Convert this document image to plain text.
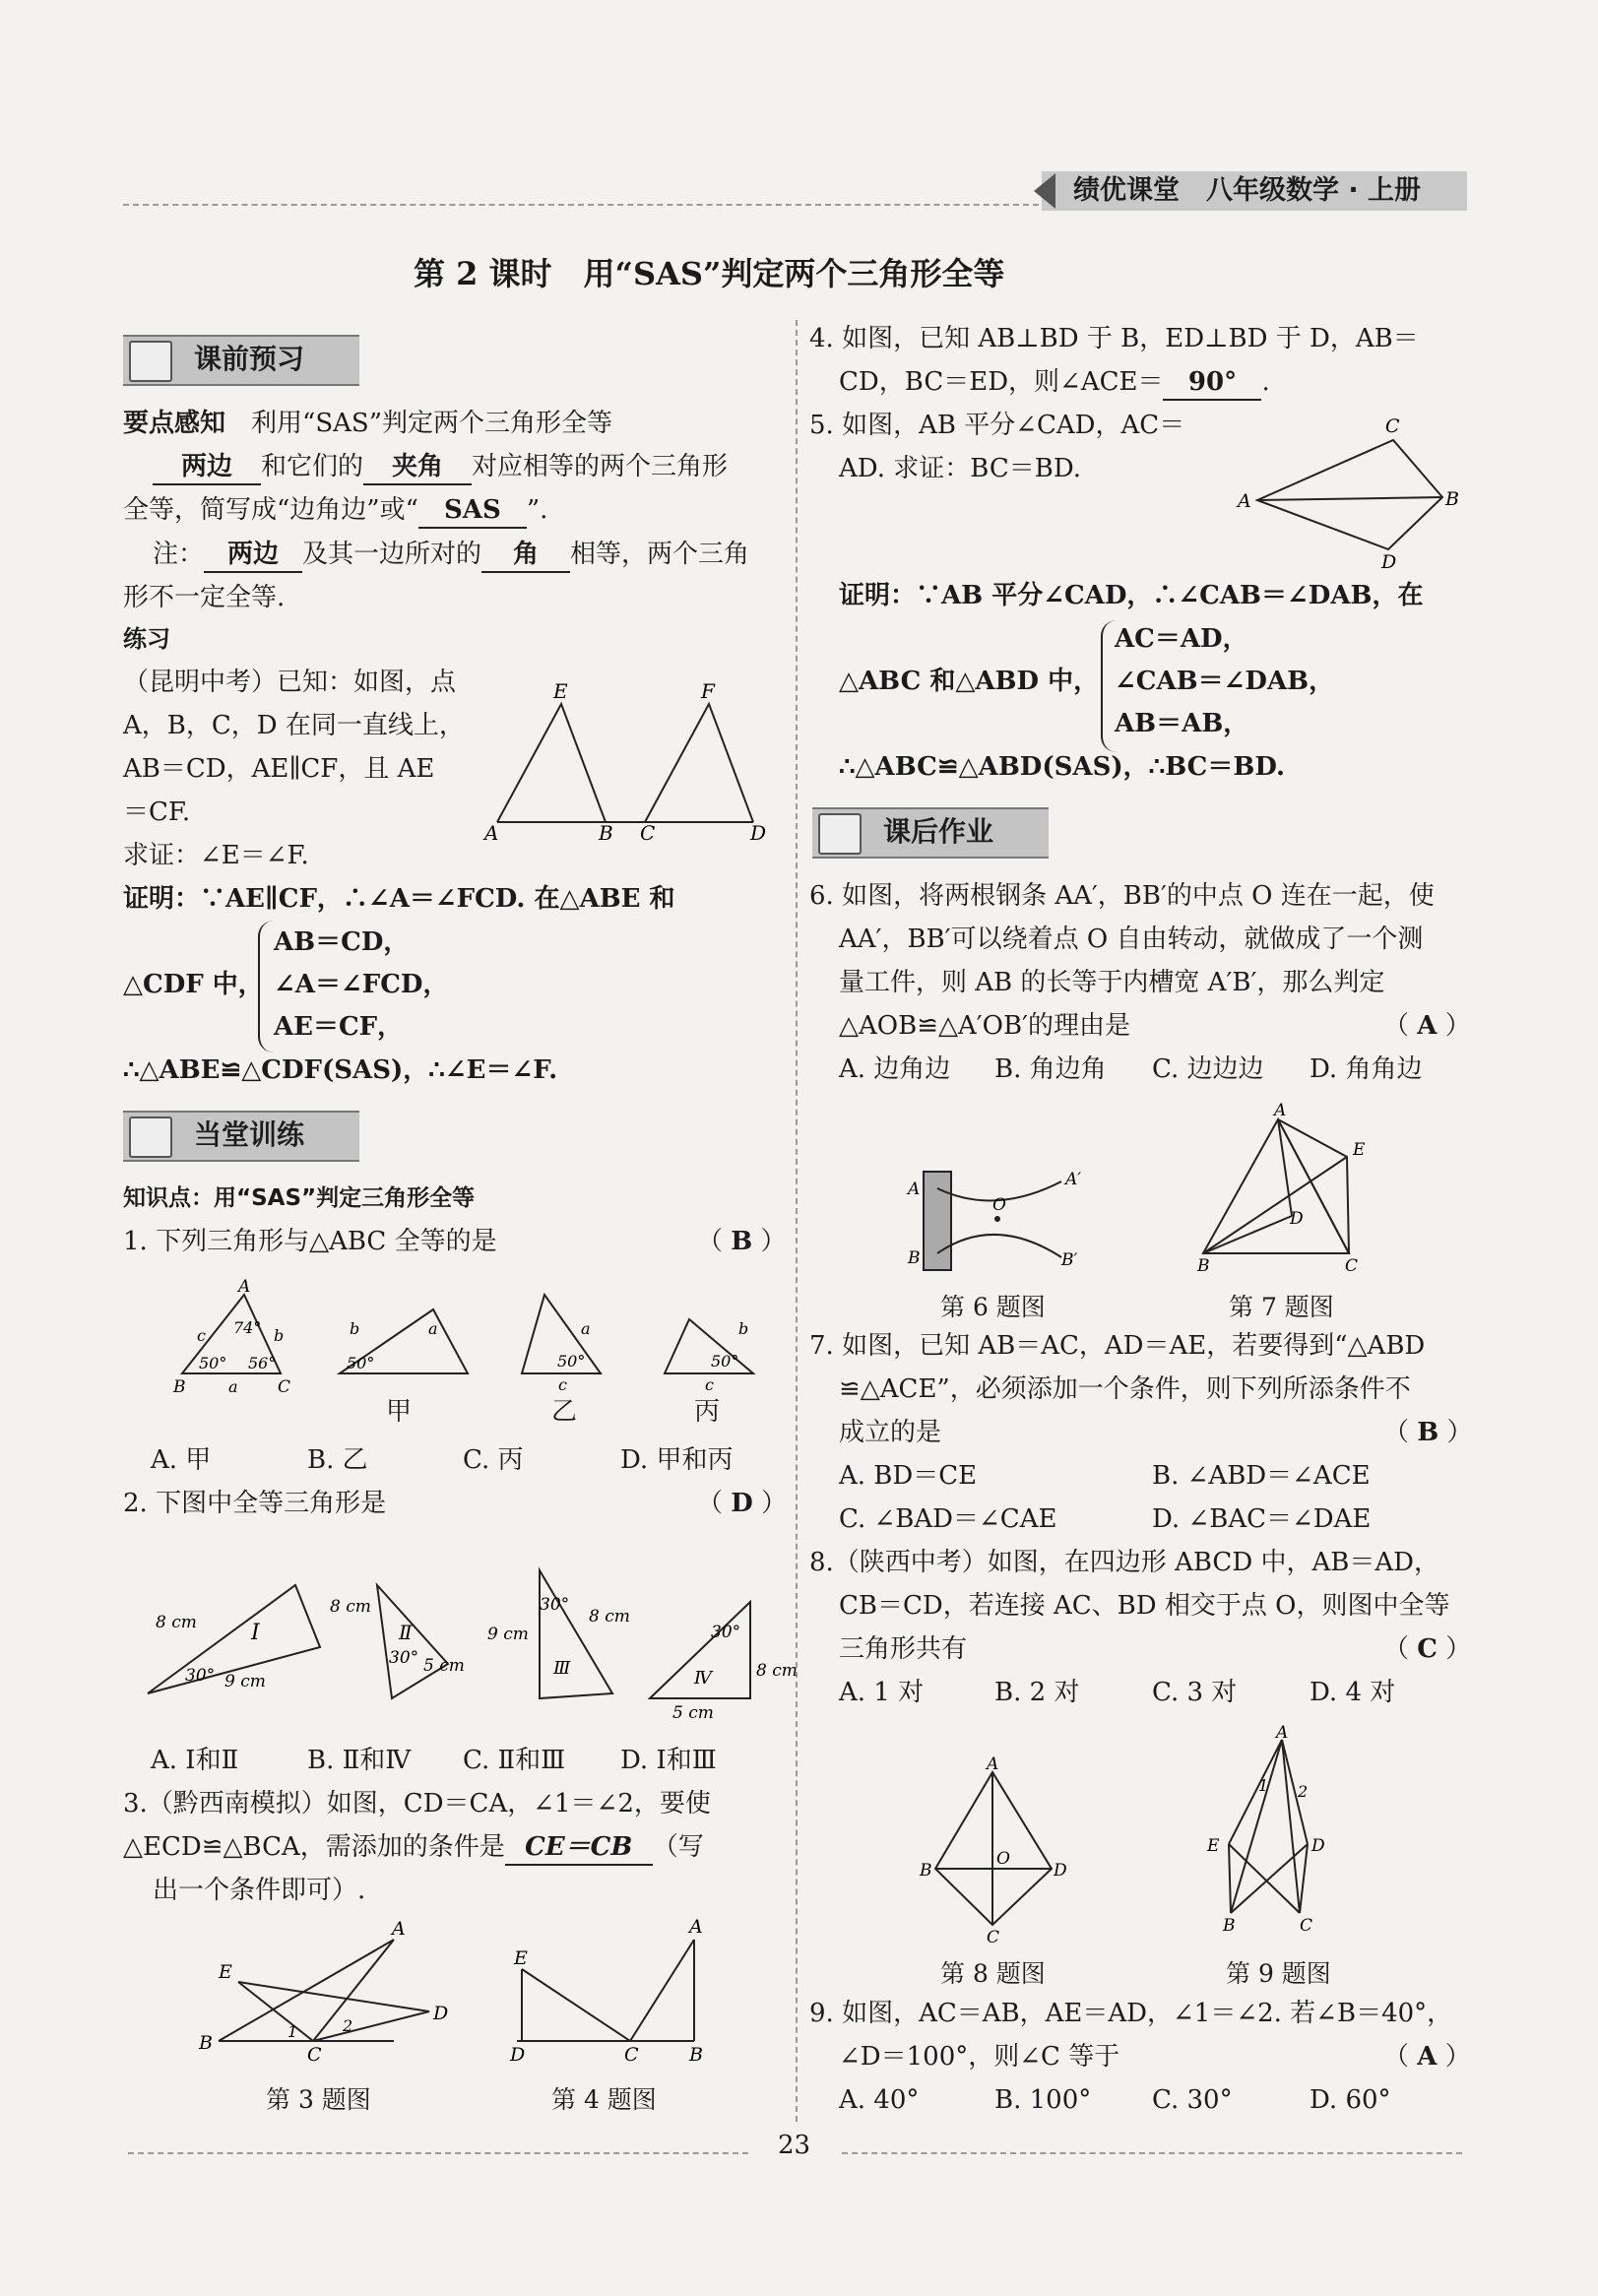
绩优课堂　八年级数学 · 上册
第 2 课时　用“SAS”判定两个三角形全等
课前预习
要点感知　 利用“SAS”判定两个三角形全等
两边 和它们的 夹角 对应相等的两个三角形
全等，简写成“边角边”或“ SAS ”.
注： 两边 及其一边所对的 角 相等，两个三角
形不一定全等.
练习
（昆明中考）已知：如图，点
A，B，C，D 在同一直线上，
AB＝CD，AE∥CF，且 AE
＝CF.
求证：∠E＝∠F.
A	B C	D
E	F
证明：∵AE∥CF，∴∠A＝∠FCD. 在△ABE 和
△CDF 中，
AB＝CD，
∠A＝∠FCD，
AE＝CF，
∴△ABE≌△CDF(SAS)，∴∠E＝∠F.
当堂训练
知识点：用“SAS”判定三角形全等
1. 下列三角形与△ABC 全等的是	（ B ）
A
B	C
c	b
a
74°
50° 56°
b	a
50°
a
c
50°
b
c
50°
甲	乙	丙
A. 甲	B. 乙	C. 丙	D. 甲和丙
2. 下图中全等三角形是	（ D ）
Ⅰ
8 cm
9 cm
30°
Ⅱ
8 cm
30° 5 cm	Ⅲ
9 cm
30°
8 cm
Ⅳ
30°
8 cm
5 cm
A. Ⅰ和Ⅱ	B. Ⅱ和Ⅳ C. Ⅱ和Ⅲ D. Ⅰ和Ⅲ
3.（黔西南模拟）如图，CD＝CA，∠1＝∠2，要使
△ECD≌△BCA，需添加的条件是 CE＝CB （写
出一个条件即可）.
B
E
A
D
C
1	2
E
A
D	C	B
第 3 题图	第 4 题图
4. 如图，已知 AB⊥BD 于 B，ED⊥BD 于 D，AB＝
CD，BC＝ED，则∠ACE＝ 90° .
5. 如图，AB 平分∠CAD，AC＝
AD. 求证：BC＝BD.
A
C
B
D
证明：∵AB 平分∠CAD，∴∠CAB＝∠DAB，在
△ABC 和△ABD 中，
AC＝AD，
∠CAB＝∠DAB，
AB＝AB，
∴△ABC≌△ABD(SAS)，∴BC＝BD.
课后作业
6. 如图，将两根钢条 AA′，BB′的中点 O 连在一起，使
AA′，BB′可以绕着点 O 自由转动，就做成了一个测
量工件，则 AB 的长等于内槽宽 A′B′，那么判定
△AOB≌△A′OB′的理由是	（ A ）
A. 边角边 B. 角边角 C. 边边边 D. 角角边
A
B
O
A′
B′
A
E
D
B	C
第 6 题图	第 7 题图
7. 如图，已知 AB＝AC，AD＝AE，若要得到“△ABD
≌△ACE”，必须添加一个条件，则下列所添条件不
成立的是	（ B ）
A. BD＝CE	B. ∠ABD＝∠ACE
C. ∠BAD＝∠CAE	D. ∠BAC＝∠DAE
8.（陕西中考）如图，在四边形 ABCD 中，AB＝AD，
CB＝CD，若连接 AC、BD 相交于点 O，则图中全等
三角形共有	（ C ）
A. 1 对	B. 2 对	C. 3 对	D. 4 对
A
B	D
C
O
A
E	D
B	C
1 2
第 8 题图	第 9 题图
9. 如图，AC＝AB，AE＝AD，∠1＝∠2. 若∠B＝40°，
∠D＝100°，则∠C 等于	（ A ）
A. 40°	B. 100° C. 30°	D. 60°
23
